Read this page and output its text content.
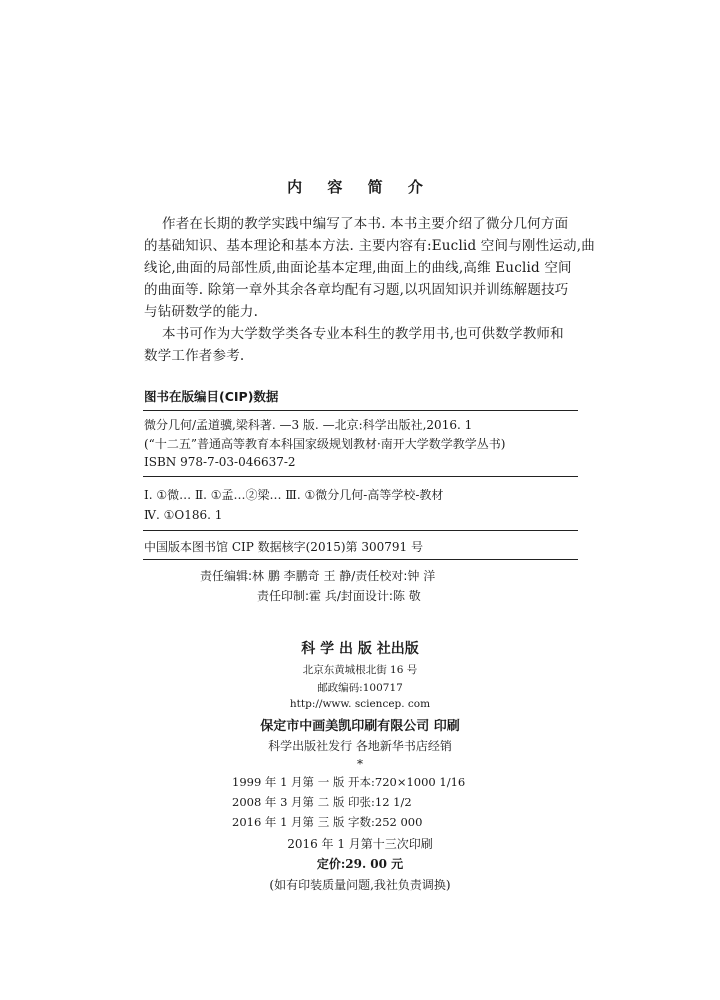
内 容 简 介
作者在长期的教学实践中编写了本书. 本书主要介绍了微分几何方面
的基础知识、基本理论和基本方法. 主要内容有:Euclid 空间与刚性运动,曲
线论,曲面的局部性质,曲面论基本定理,曲面上的曲线,高维 Euclid 空间
的曲面等. 除第一章外其余各章均配有习题,以巩固知识并训练解题技巧
与钻研数学的能力.
本书可作为大学数学类各专业本科生的教学用书,也可供数学教师和
数学工作者参考.
图书在版编目(CIP)数据
微分几何/孟道骥,梁科著. —3 版. —北京:科学出版社,2016. 1
(“十二五”普通高等教育本科国家级规划教材·南开大学数学教学丛书)
ISBN 978-7-03-046637-2
Ⅰ. ①微… Ⅱ. ①孟…②梁… Ⅲ. ①微分几何-高等学校-教材
Ⅳ. ①O186. 1
中国版本图书馆 CIP 数据核字(2015)第 300791 号
责任编辑:林 鹏 李鹏奇 王 静/责任校对:钟 洋
责任印制:霍 兵/封面设计:陈 敬
科 学 出 版 社出版
北京东黄城根北街 16 号
邮政编码:100717
http://www. sciencep. com
保定市中画美凯印刷有限公司 印刷
科学出版社发行 各地新华书店经销
*
1999 年 1 月第 一 版 开本:720×1000 1/16
2008 年 3 月第 二 版 印张:12 1/2
2016 年 1 月第 三 版 字数:252 000
2016 年 1 月第十三次印刷
定价:29. 00 元
(如有印装质量问题,我社负责调换)
